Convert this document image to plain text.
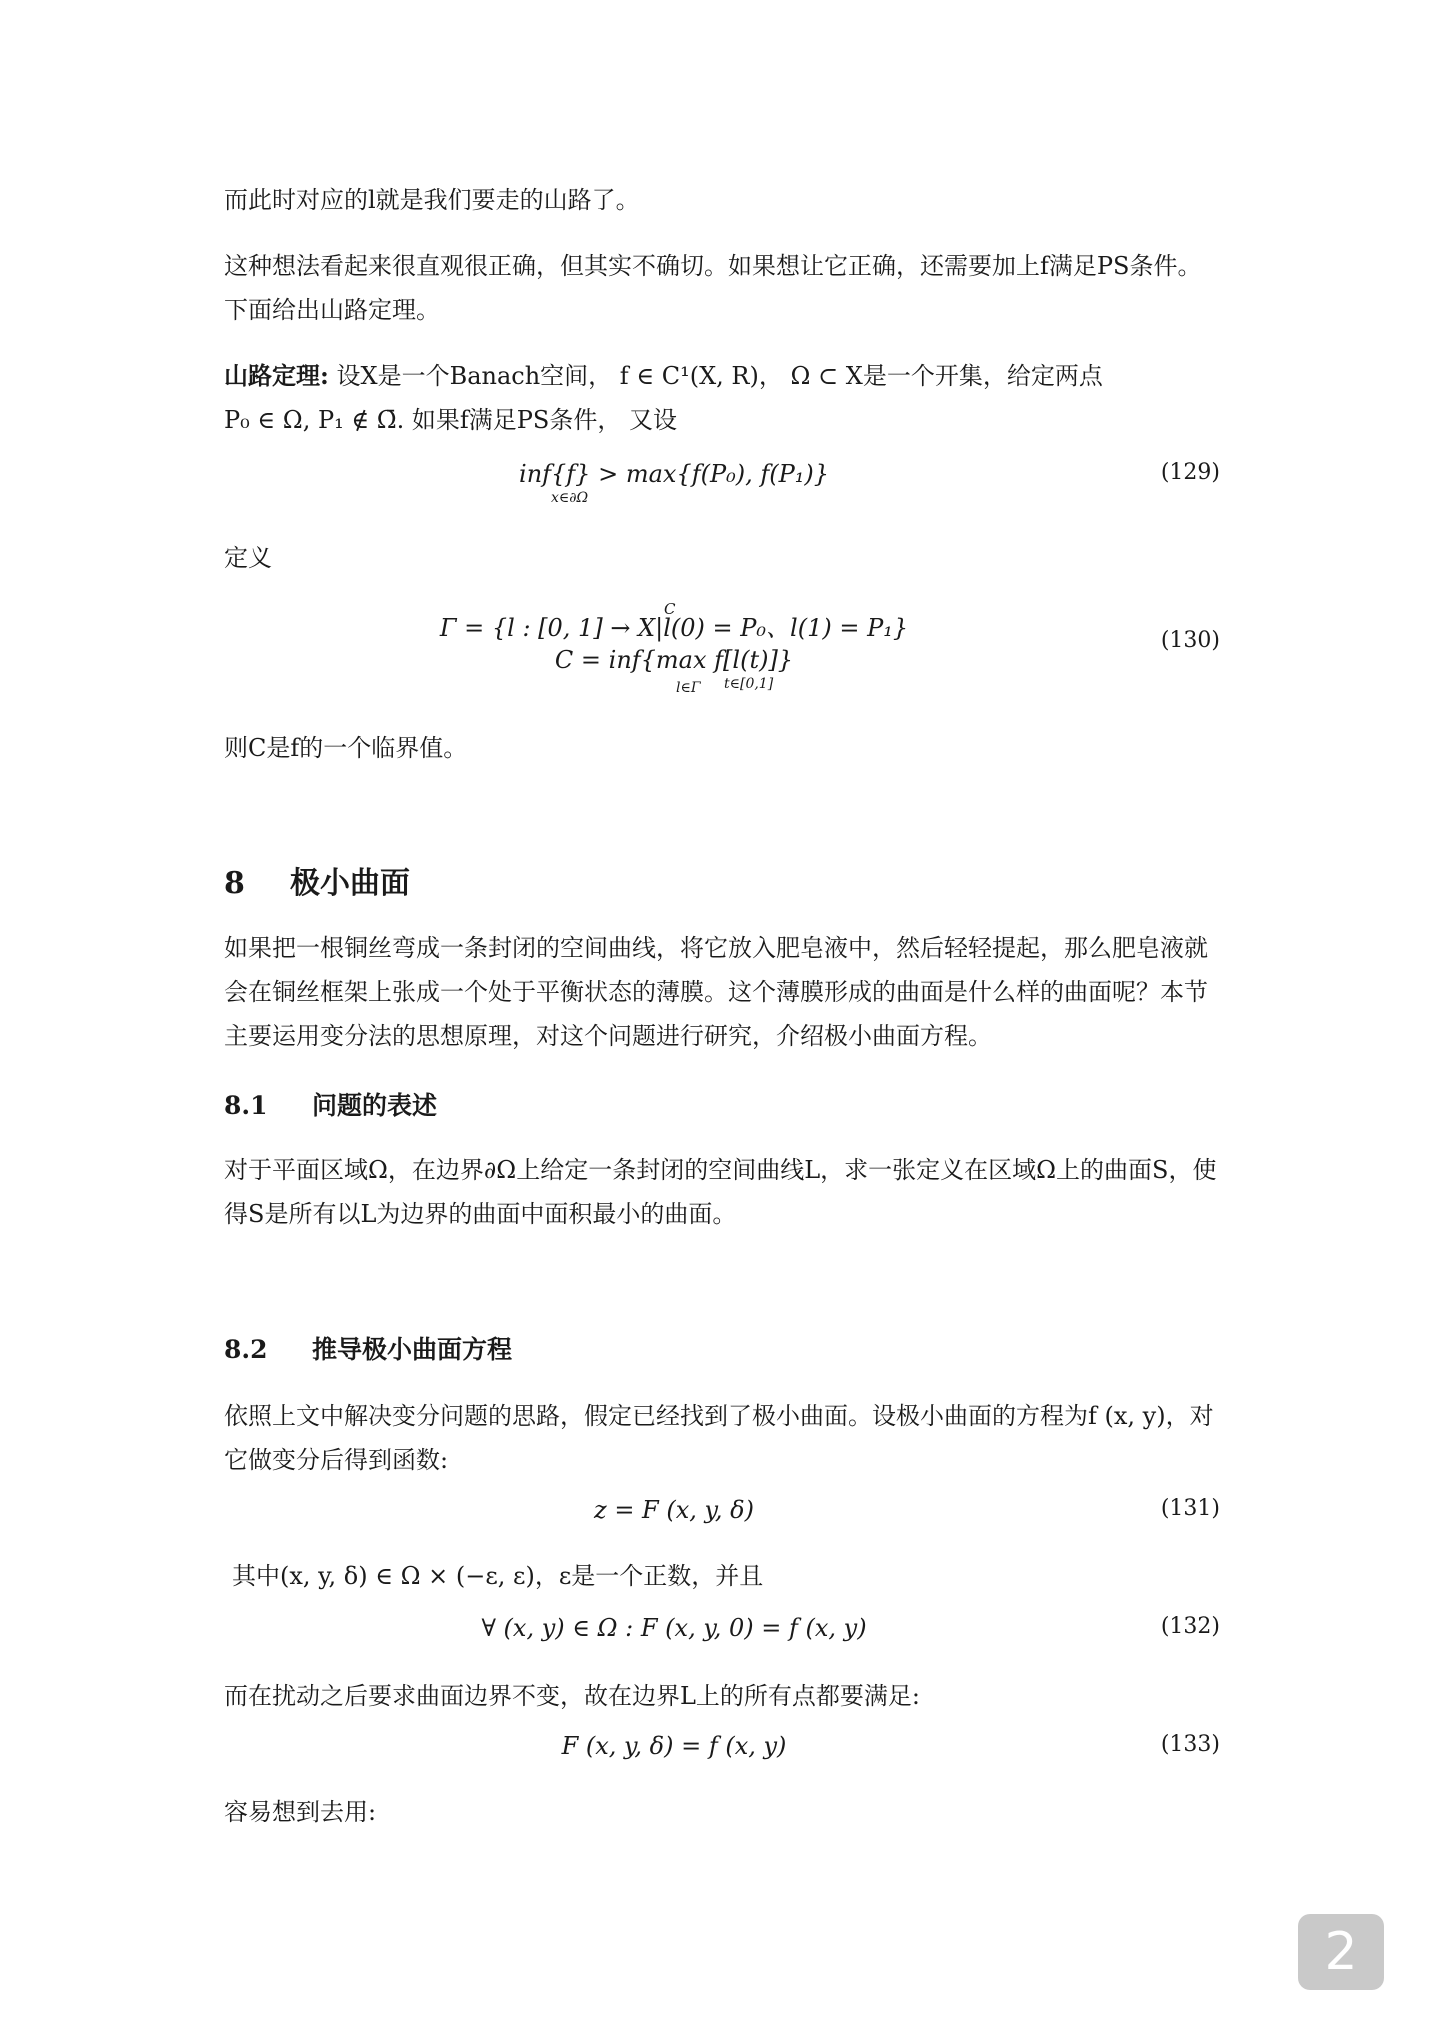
而此时对应的l就是我们要走的山路了。

这种想法看起来很直观很正确，但其实不确切。如果想让它正确，还需要加上f满足PS条件。下面给出山路定理。

山路定理: 设X是一个Banach空间， f ∈ C¹(X, R)， Ω ⊂ X是一个开集，给定两点
P₀ ∈ Ω, P₁ ∉ Ω̄. 如果f满足PS条件， 又设
inf{f} > max{f(P₀), f(P₁)}
x∈∂Ω
(129)

定义

Γ = {l : [0, 1] → X|l(0) = P₀、l(1) = P₁}
C
C = inf{max f[l(t)]}
l∈Γ t∈[0,1]
(130)

则C是f的一个临界值。

8 极小曲面

如果把一根铜丝弯成一条封闭的空间曲线，将它放入肥皂液中，然后轻轻提起，那么肥皂液就会在铜丝框架上张成一个处于平衡状态的薄膜。这个薄膜形成的曲面是什么样的曲面呢？本节主要运用变分法的思想原理，对这个问题进行研究，介绍极小曲面方程。

8.1 问题的表述

对于平面区域Ω，在边界∂Ω上给定一条封闭的空间曲线L，求一张定义在区域Ω上的曲面S，使得S是所有以L为边界的曲面中面积最小的曲面。

8.2 推导极小曲面方程

依照上文中解决变分问题的思路，假定已经找到了极小曲面。设极小曲面的方程为f (x, y)，对它做变分后得到函数:

z = F (x, y, δ)	(131)

其中(x, y, δ) ∈ Ω × (−ε, ε)，ε是一个正数，并且

∀ (x, y) ∈ Ω : F (x, y, 0) = f (x, y)	(132)

而在扰动之后要求曲面边界不变，故在边界L上的所有点都要满足:

F (x, y, δ) = f (x, y)	(133)

容易想到去用:

2
